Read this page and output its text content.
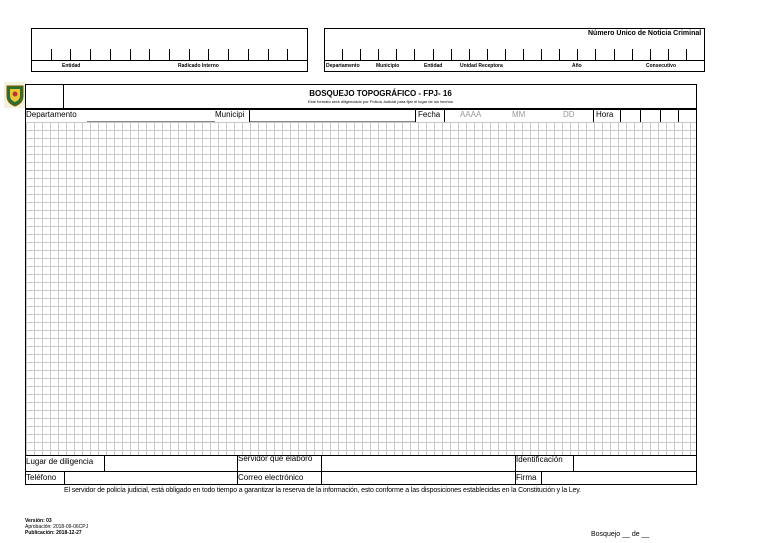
Entidad	Radicado Interno
Número Único de Noticia Criminal
Departamento	Municipio	Entidad	Unidad Receptora	Año	Consecutivo
BOSQUEJO TOPOGRÁFICO - FPJ- 16
Este formato será diligenciado por Policía Judicial para fijar el lugar de los hechos
Departamento	Municipi	Fecha AAAA	MM	DD	Hora
Lugar de diligencia	Servidor que elaboró	Identificación
Teléfono	Correo electrónico	Firma
El servidor de policía judicial, está obligado en todo tiempo a garantizar la reserva de la información, esto conforme a las disposiciones establecidas en la Constitución y la Ley.
Versión: 03
Aprobación: 2018-09-06CPJ
Publicación: 2018-12-27	Bosquejo __ de __
